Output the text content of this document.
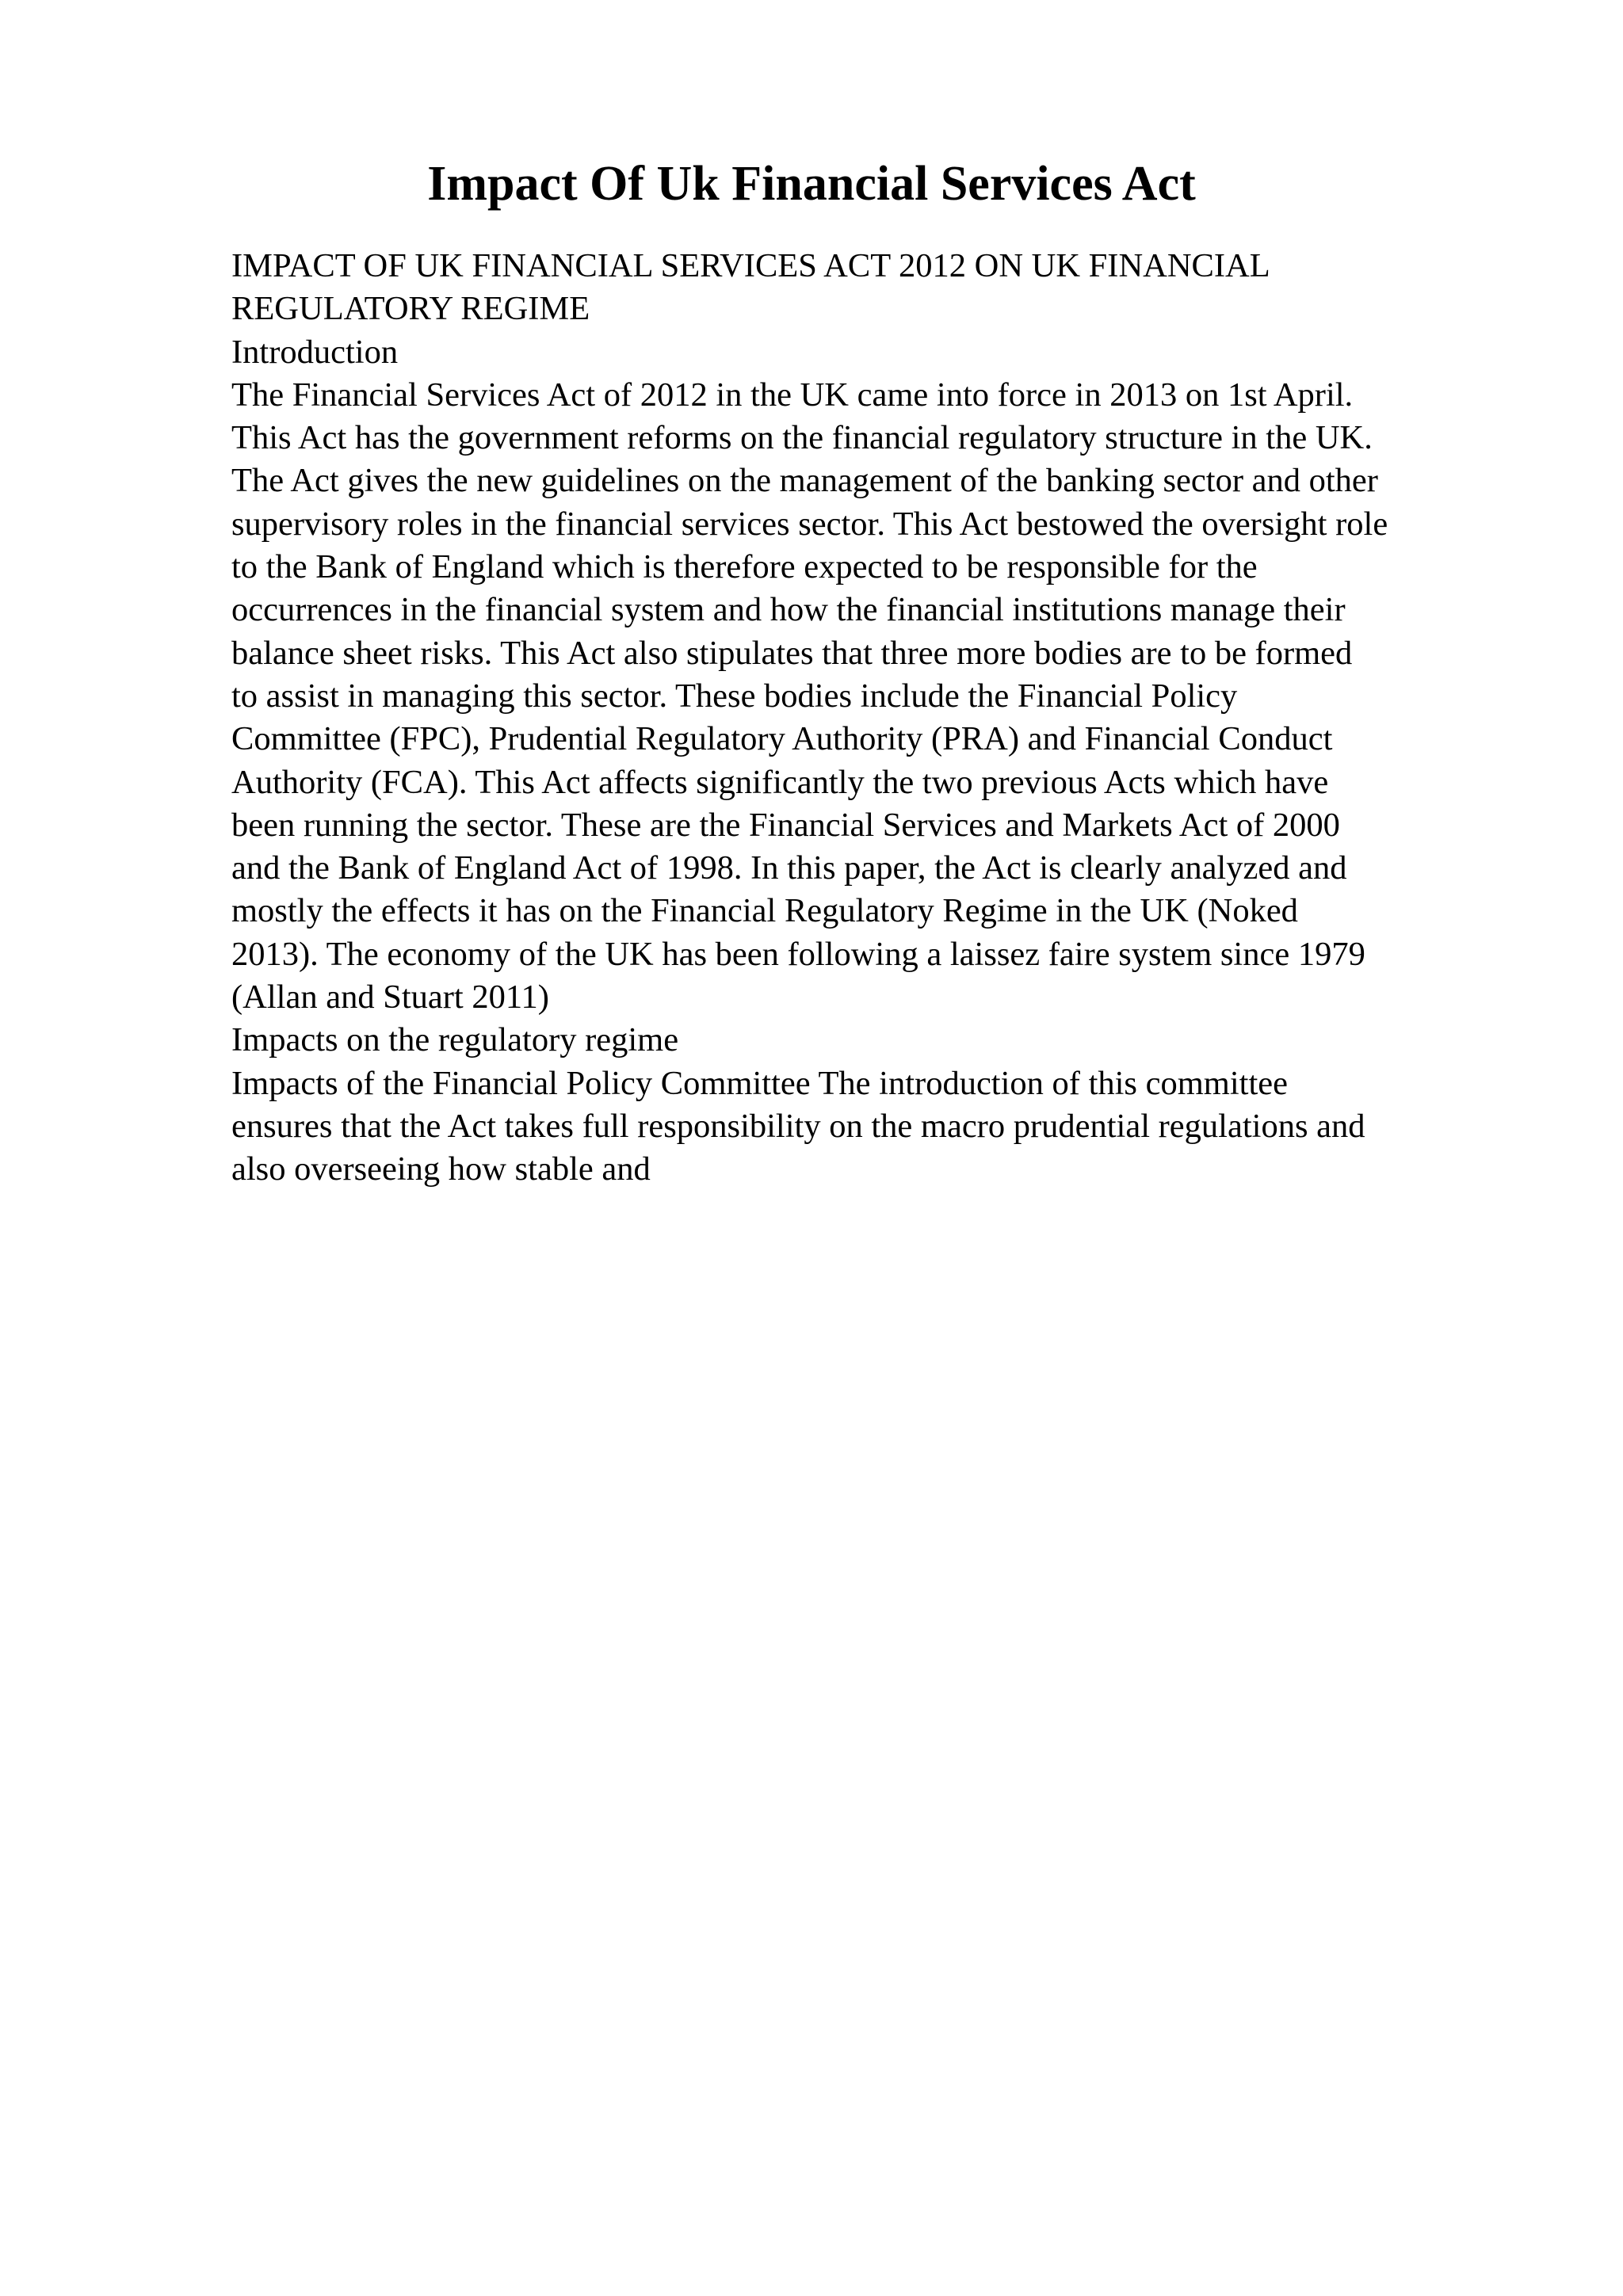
Impact Of Uk Financial Services Act
IMPACT OF UK FINANCIAL SERVICES ACT 2012 ON UK FINANCIAL
REGULATORY REGIME
Introduction
The Financial Services Act of 2012 in the UK came into force in 2013 on 1st April.
This Act has the government reforms on the financial regulatory structure in the UK.
The Act gives the new guidelines on the management of the banking sector and other
supervisory roles in the financial services sector. This Act bestowed the oversight role
to the Bank of England which is therefore expected to be responsible for the
occurrences in the financial system and how the financial institutions manage their
balance sheet risks. This Act also stipulates that three more bodies are to be formed
to assist in managing this sector. These bodies include the Financial Policy
Committee (FPC), Prudential Regulatory Authority (PRA) and Financial Conduct
Authority (FCA). This Act affects significantly the two previous Acts which have
been running the sector. These are the Financial Services and Markets Act of 2000
and the Bank of England Act of 1998. In this paper, the Act is clearly analyzed and
mostly the effects it has on the Financial Regulatory Regime in the UK (Noked
2013). The economy of the UK has been following a laissez faire system since 1979
(Allan and Stuart 2011)
Impacts on the regulatory regime
Impacts of the Financial Policy Committee The introduction of this committee
ensures that the Act takes full responsibility on the macro prudential regulations and
also overseeing how stable and
